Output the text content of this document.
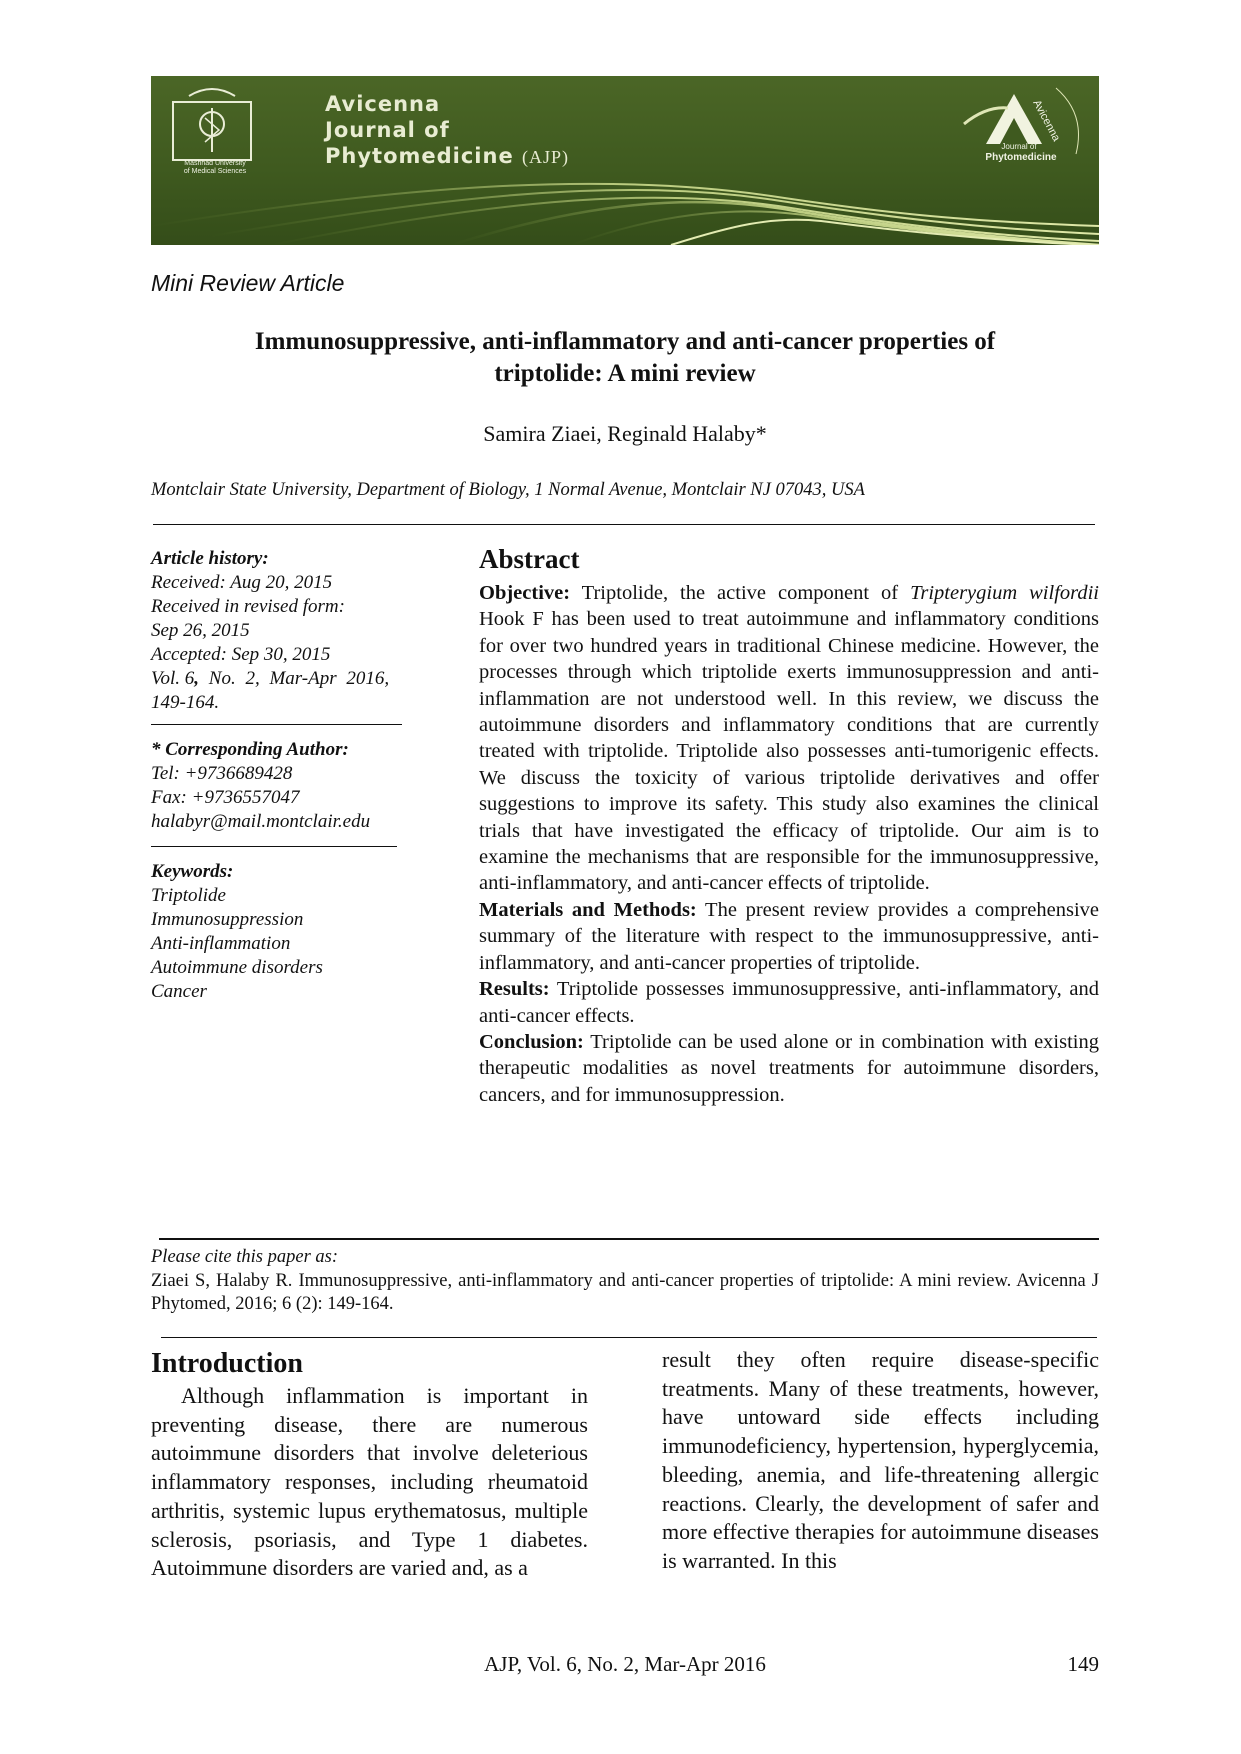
Mashhad University
of Medical Sciences
Avicenna
Journal of
Phytomedicine (AJP)
Journal of
Phytomedicine
Avicenna
Mini Review Article
Immunosuppressive, anti-inflammatory and anti-cancer properties of
triptolide: A mini review
Samira Ziaei, Reginald Halaby*
Montclair State University, Department of Biology, 1 Normal Avenue, Montclair NJ 07043, USA
Article history:
Received: Aug 20, 2015
Received in revised form:
Sep 26, 2015
Accepted: Sep 30, 2015
Vol. 6, No. 2, Mar-Apr 2016,
149-164.
* Corresponding Author:
Tel: +9736689428
Fax: +9736557047
halabyr@mail.montclair.edu
Keywords:
Triptolide
Immunosuppression
Anti-inflammation
Autoimmune disorders
Cancer
Abstract

Objective: Triptolide, the active component of Tripterygium wilfordii Hook F has been used to treat autoimmune and inflammatory conditions for over two hundred years in traditional Chinese medicine. However, the processes through which triptolide exerts immunosuppression and anti-inflammation are not understood well. In this review, we discuss the autoimmune disorders and inflammatory conditions that are currently treated with triptolide. Triptolide also possesses anti-tumorigenic effects. We discuss the toxicity of various triptolide derivatives and offer suggestions to improve its safety. This study also examines the clinical trials that have investigated the efficacy of triptolide. Our aim is to examine the mechanisms that are responsible for the immunosuppressive, anti-inflammatory, and anti-cancer effects of triptolide.

Materials and Methods: The present review provides a comprehensive summary of the literature with respect to the immunosuppressive, anti-inflammatory, and anti-cancer properties of triptolide.

Results: Triptolide possesses immunosuppressive, anti-inflammatory, and anti-cancer effects.

Conclusion: Triptolide can be used alone or in combination with existing therapeutic modalities as novel treatments for autoimmune disorders, cancers, and for immunosuppression.

Please cite this paper as:
Ziaei S, Halaby R. Immunosuppressive, anti-inflammatory and anti-cancer properties of triptolide: A mini review. Avicenna J Phytomed, 2016; 6 (2): 149-164.
Introduction

Although inflammation is important in preventing disease, there are numerous autoimmune disorders that involve deleterious inflammatory responses, including rheumatoid arthritis, systemic lupus erythematosus, multiple sclerosis, psoriasis, and Type 1 diabetes. Autoimmune disorders are varied and, as a

result they often require disease-specific treatments. Many of these treatments, however, have untoward side effects including immunodeficiency, hypertension, hyperglycemia, bleeding, anemia, and life-threatening allergic reactions. Clearly, the development of safer and more effective therapies for autoimmune diseases is warranted. In this

AJP, Vol. 6, No. 2, Mar-Apr 2016	149
